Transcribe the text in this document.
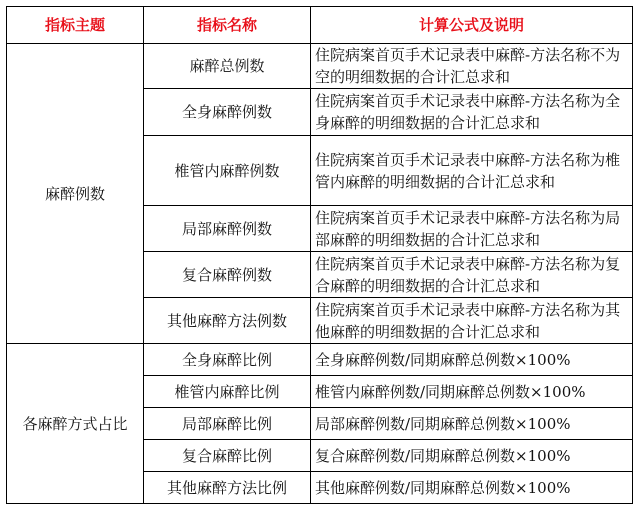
指标主题	指标名称	计算公式及说明
麻醉例数	麻醉总例数	住院病案首页手术记录表中麻醉-方法名称不为空的明细数据的合计汇总求和
	全身麻醉例数	住院病案首页手术记录表中麻醉-方法名称为全身麻醉的明细数据的合计汇总求和
	椎管内麻醉例数	住院病案首页手术记录表中麻醉-方法名称为椎管内麻醉的明细数据的合计汇总求和
	局部麻醉例数	住院病案首页手术记录表中麻醉-方法名称为局部麻醉的明细数据的合计汇总求和
	复合麻醉例数	住院病案首页手术记录表中麻醉-方法名称为复合麻醉的明细数据的合计汇总求和
	其他麻醉方法例数	住院病案首页手术记录表中麻醉-方法名称为其他麻醉的明细数据的合计汇总求和
各麻醉方式占比	全身麻醉比例	全身麻醉例数/同期麻醉总例数×100%
	椎管内麻醉比例	椎管内麻醉例数/同期麻醉总例数×100%
	局部麻醉比例	局部麻醉例数/同期麻醉总例数×100%
	复合麻醉比例	复合麻醉例数/同期麻醉总例数×100%
	其他麻醉方法比例	其他麻醉例数/同期麻醉总例数×100%
